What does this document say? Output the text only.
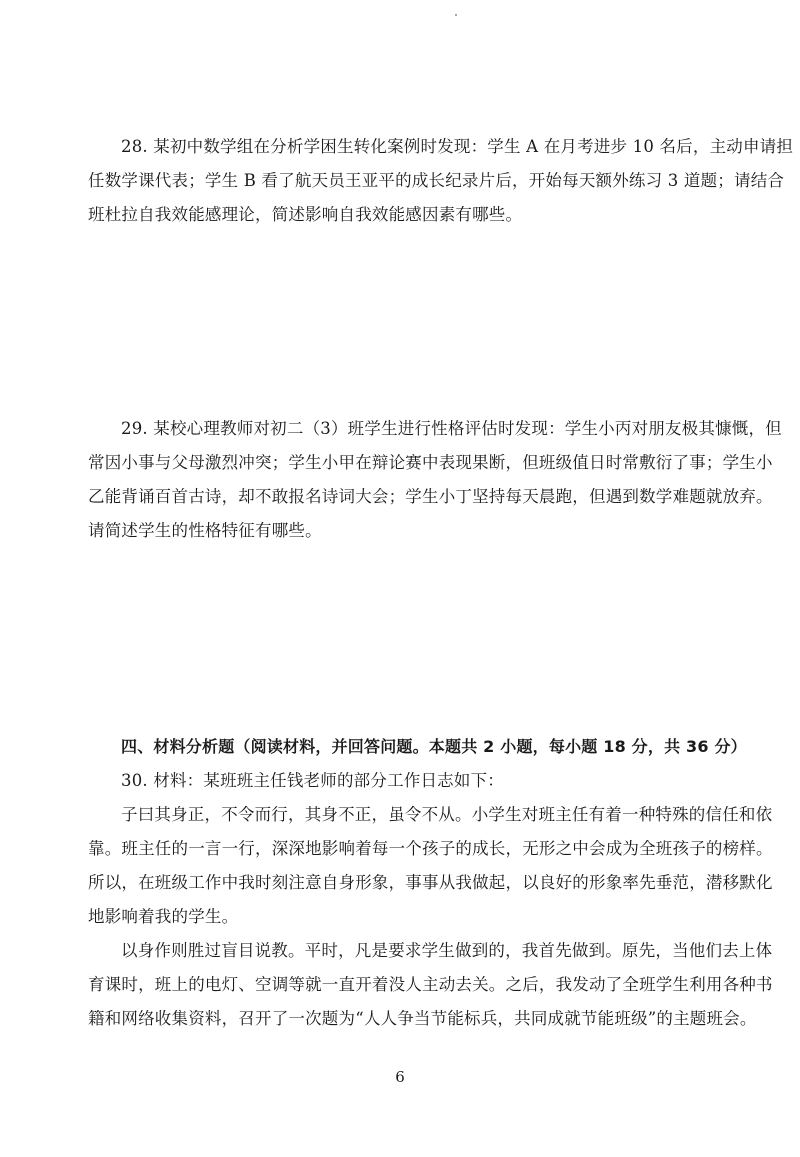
28. 某初中数学组在分析学困生转化案例时发现：学生 A 在月考进步 10 名后，主动申请担
任数学课代表；学生 B 看了航天员王亚平的成长纪录片后，开始每天额外练习 3 道题；请结合
班杜拉自我效能感理论，简述影响自我效能感因素有哪些。
29. 某校心理教师对初二（3）班学生进行性格评估时发现：学生小丙对朋友极其慷慨，但
常因小事与父母激烈冲突；学生小甲在辩论赛中表现果断，但班级值日时常敷衍了事；学生小
乙能背诵百首古诗，却不敢报名诗词大会；学生小丁坚持每天晨跑，但遇到数学难题就放弃。
请简述学生的性格特征有哪些。
四、材料分析题（阅读材料，并回答问题。本题共 2 小题，每小题 18 分，共 36 分）
30. 材料：某班班主任钱老师的部分工作日志如下：
子曰其身正，不令而行，其身不正，虽令不从。小学生对班主任有着一种特殊的信任和依
靠。班主任的一言一行，深深地影响着每一个孩子的成长，无形之中会成为全班孩子的榜样。
所以，在班级工作中我时刻注意自身形象，事事从我做起，以良好的形象率先垂范，潜移默化
地影响着我的学生。
以身作则胜过盲目说教。平时，凡是要求学生做到的，我首先做到。原先，当他们去上体
育课时，班上的电灯、空调等就一直开着没人主动去关。之后，我发动了全班学生利用各种书
籍和网络收集资料，召开了一次题为“人人争当节能标兵，共同成就节能班级”的主题班会。
6
